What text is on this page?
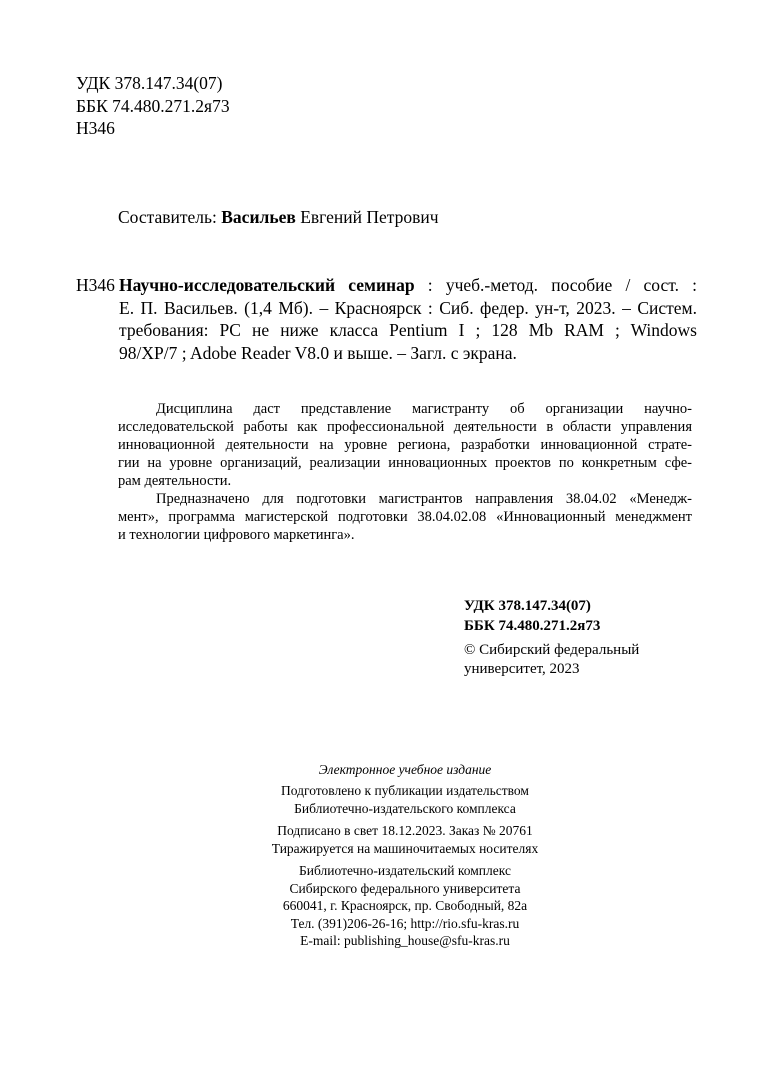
УДК 378.147.34(07)
ББК 74.480.271.2я73
Н346
Составитель: Васильев Евгений Петрович
Н346 Научно-исследовательский семинар : учеб.-метод. пособие / сост. :
Е. П. Васильев. (1,4 Мб). – Красноярск : Сиб. федер. ун-т, 2023. – Систем.
требования: PC не ниже класса Pentium I ; 128 Mb RAM ; Windows
98/XP/7 ; Adobe Reader V8.0 и выше. – Загл. с экрана.
Дисциплина даст представление магистранту об организации научно-
исследовательской работы как профессиональной деятельности в области управления
инновационной деятельности на уровне региона, разработки инновационной страте-
гии на уровне организаций, реализации инновационных проектов по конкретным сфе-
рам деятельности.
Предназначено для подготовки магистрантов направления 38.04.02 «Менедж-
мент», программа магистерской подготовки 38.04.02.08 «Инновационный менеджмент
и технологии цифрового маркетинга».
УДК 378.147.34(07)
ББК 74.480.271.2я73
© Сибирский федеральный
университет, 2023
Электронное учебное издание
Подготовлено к публикации издательством
Библиотечно-издательского комплекса
Подписано в свет 18.12.2023. Заказ № 20761
Тиражируется на машиночитаемых носителях
Библиотечно-издательский комплекс
Сибирского федерального университета
660041, г. Красноярск, пр. Свободный, 82а
Тел. (391)206-26-16; http://rio.sfu-kras.ru
E-mail: publishing_house@sfu-kras.ru
